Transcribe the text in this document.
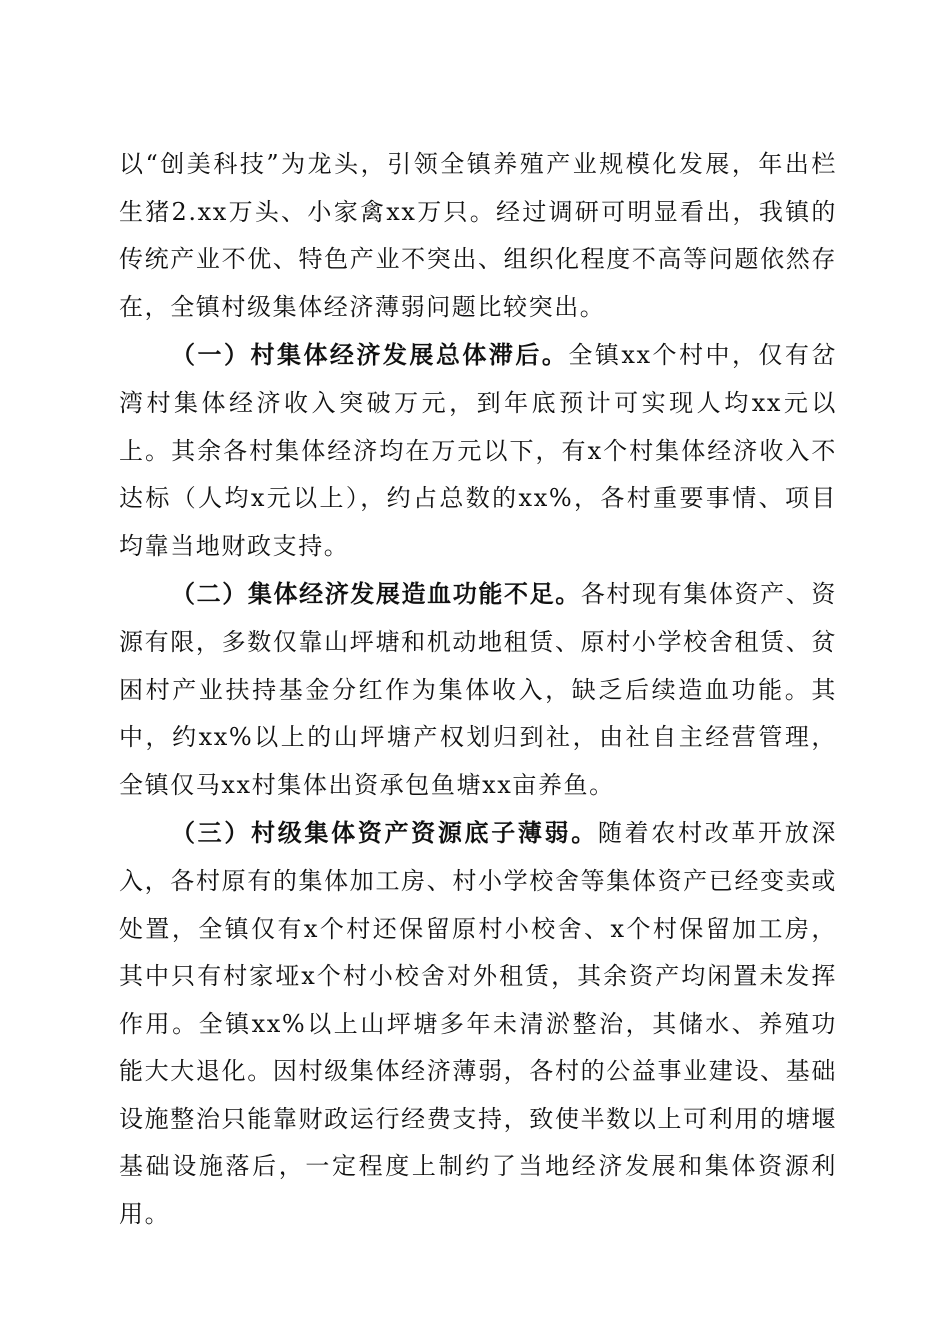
以“创美科技”为龙头，引领全镇养殖产业规模化发展，年出栏生猪2.xx万头、小家禽xx万只。经过调研可明显看出，我镇的传统产业不优、特色产业不突出、组织化程度不高等问题依然存在，全镇村级集体经济薄弱问题比较突出。

（一）村集体经济发展总体滞后。全镇xx个村中，仅有岔湾村集体经济收入突破万元，到年底预计可实现人均xx元以上。其余各村集体经济均在万元以下，有x个村集体经济收入不达标（人均x元以上），约占总数的xx%，各村重要事情、项目均靠当地财政支持。

（二）集体经济发展造血功能不足。各村现有集体资产、资源有限，多数仅靠山坪塘和机动地租赁、原村小学校舍租赁、贫困村产业扶持基金分红作为集体收入，缺乏后续造血功能。其中，约xx%以上的山坪塘产权划归到社，由社自主经营管理，全镇仅马xx村集体出资承包鱼塘xx亩养鱼。

（三）村级集体资产资源底子薄弱。随着农村改革开放深入，各村原有的集体加工房、村小学校舍等集体资产已经变卖或处置，全镇仅有x个村还保留原村小校舍、x个村保留加工房，其中只有村家垭x个村小校舍对外租赁，其余资产均闲置未发挥作用。全镇xx%以上山坪塘多年未清淤整治，其储水、养殖功能大大退化。因村级集体经济薄弱，各村的公益事业建设、基础设施整治只能靠财政运行经费支持，致使半数以上可利用的塘堰基础设施落后，一定程度上制约了当地经济发展和集体资源利用。
